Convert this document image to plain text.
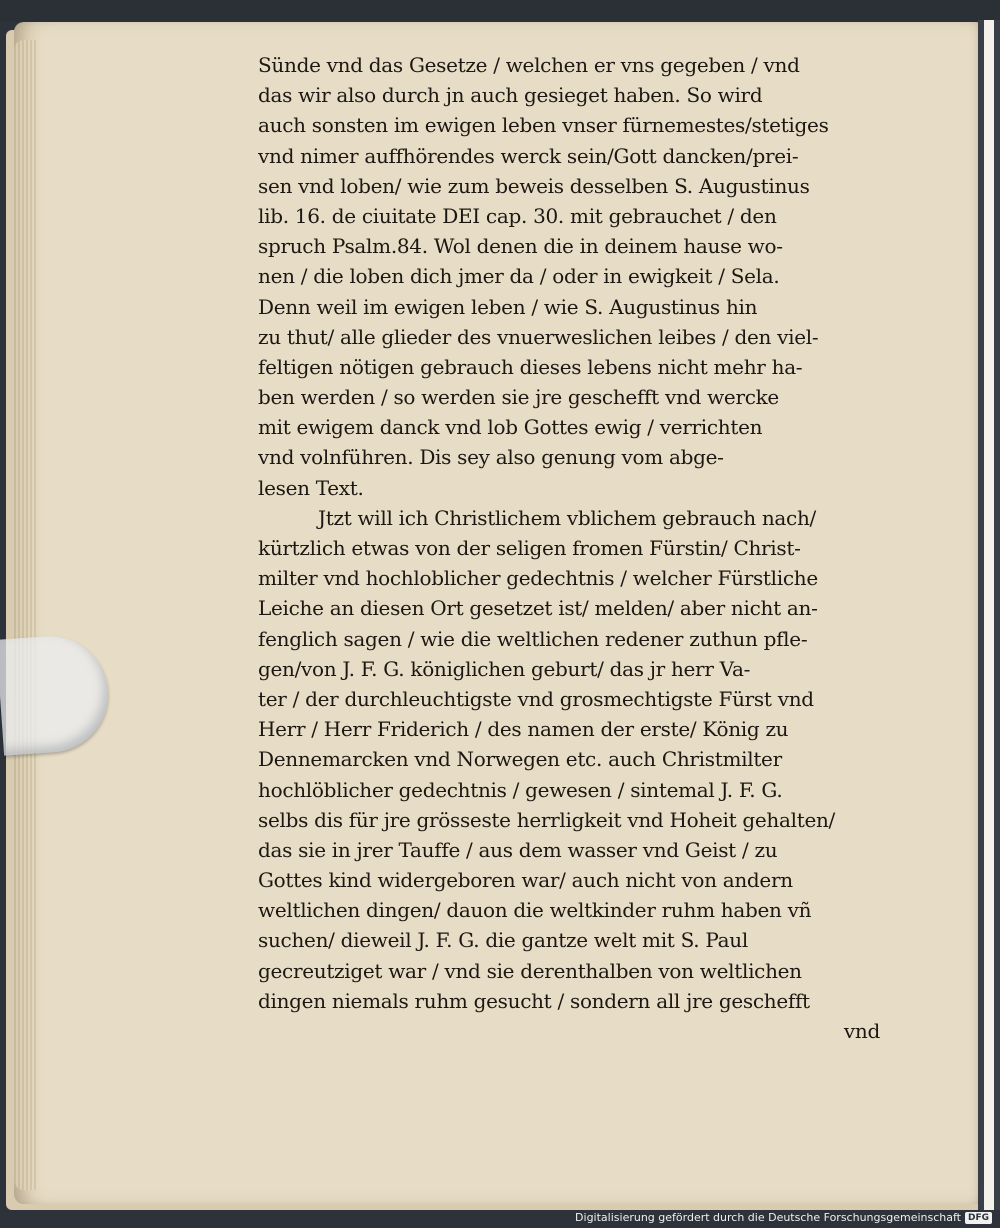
Sünde vnd das Gesetze / welchen er vns gegeben / vnd
das wir also durch jn auch gesieget haben. So wird
auch sonsten im ewigen leben vnser fürnemestes/stetiges
vnd nimer auffhörendes werck sein/Gott dancken/prei-
sen vnd loben/ wie zum beweis desselben S. Augustinus
lib. 16. de ciuitate DEI cap. 30. mit gebrauchet / den
spruch Psalm.84. Wol denen die in deinem hause wo-
nen / die loben dich jmer da / oder in ewigkeit / Sela.
Denn weil im ewigen leben / wie S. Augustinus hin
zu thut/ alle glieder des vnuerweslichen leibes / den viel-
feltigen nötigen gebrauch dieses lebens nicht mehr ha-
ben werden / so werden sie jre geschefft vnd wercke
mit ewigem danck vnd lob Gottes ewig / verrichten
vnd volnführen. Dis sey also genung vom abge-
lesen Text.
Jtzt will ich Christlichem vblichem gebrauch nach/
kürtzlich etwas von der seligen fromen Fürstin/ Christ-
milter vnd hochloblicher gedechtnis / welcher Fürstliche
Leiche an diesen Ort gesetzet ist/ melden/ aber nicht an-
fenglich sagen / wie die weltlichen redener zuthun pfle-
gen/von J. F. G. königlichen geburt/ das jr herr Va-
ter / der durchleuchtigste vnd grosmechtigste Fürst vnd
Herr / Herr Friderich / des namen der erste/ König zu
Dennemarcken vnd Norwegen etc. auch Christmilter
hochlöblicher gedechtnis / gewesen / sintemal J. F. G.
selbs dis für jre grösseste herrligkeit vnd Hoheit gehalten/
das sie in jrer Tauffe / aus dem wasser vnd Geist / zu
Gottes kind widergeboren war/ auch nicht von andern
weltlichen dingen/ dauon die weltkinder ruhm haben vñ
suchen/ dieweil J. F. G. die gantze welt mit S. Paul
gecreutziget war / vnd sie derenthalben von weltlichen
dingen niemals ruhm gesucht / sondern all jre geschefft
vnd
Digitalisierung gefördert durch die Deutsche Forschungsgemeinschaft DFG
